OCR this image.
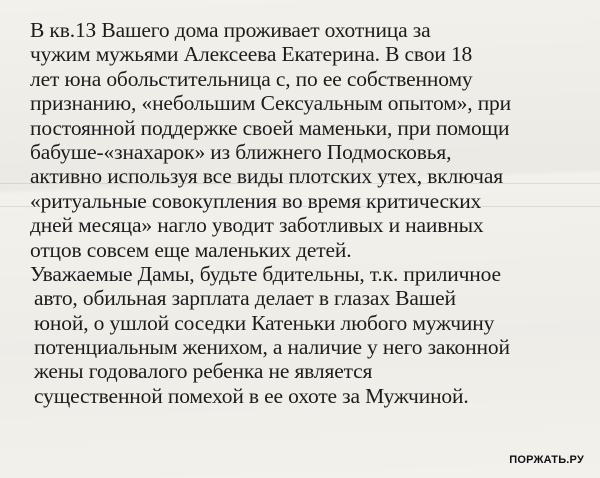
В кв.1З Вашего дома проживает охотница за
чужим мужьями Алексеева Екатерина. В свои 18
лет юна обольстительница с, по ее собственному
признанию, «небольшим Сексуальным опытом», при
постоянной поддержке своей маменьки, при помощи
бабуше-«знахарок» из ближнего Подмосковья,
активно используя все виды плотских утех, включая
«ритуальные совокупления во время критических
дней месяца» нагло уводит заботливых и наивных
отцов совсем еще маленьких детей.
Уважаемые Дамы, будьте бдительны, т.к. приличное
авто, обильная зарплата делает в глазах Вашей
юной, о ушлой соседки Катеньки любого мужчину
потенциальным женихом, а наличие у него законной
жены годовалого ребенка не является
существенной помехой в ее охоте за Мужчиной.
ПОРЖАТЬ.РУ
